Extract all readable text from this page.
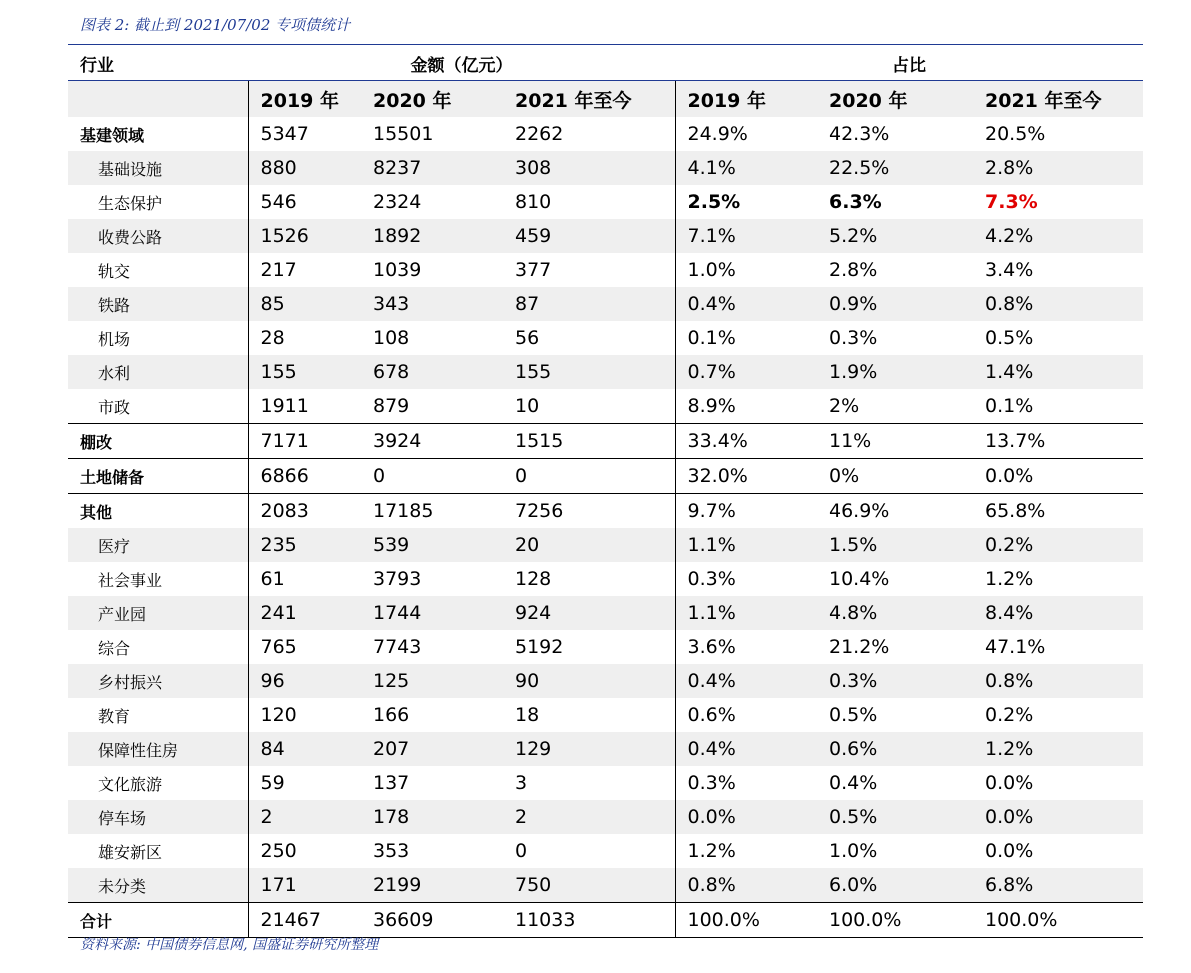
图表 2: 截止到 2021/07/02 专项债统计
行业	金额（亿元）			占比		
	2019 年	2020 年	2021 年至今	2019 年	2020 年	2021 年至今
基建领域	5347	15501	2262	24.9%	42.3%	20.5%
基础设施	880	8237	308	4.1%	22.5%	2.8%
生态保护	546	2324	810	2.5%	6.3%	7.3%
收费公路	1526	1892	459	7.1%	5.2%	4.2%
轨交	217	1039	377	1.0%	2.8%	3.4%
铁路	85	343	87	0.4%	0.9%	0.8%
机场	28	108	56	0.1%	0.3%	0.5%
水利	155	678	155	0.7%	1.9%	1.4%
市政	1911	879	10	8.9%	2%	0.1%
棚改	7171	3924	1515	33.4%	11%	13.7%
土地储备	6866	0	0	32.0%	0%	0.0%
其他	2083	17185	7256	9.7%	46.9%	65.8%
医疗	235	539	20	1.1%	1.5%	0.2%
社会事业	61	3793	128	0.3%	10.4%	1.2%
产业园	241	1744	924	1.1%	4.8%	8.4%
综合	765	7743	5192	3.6%	21.2%	47.1%
乡村振兴	96	125	90	0.4%	0.3%	0.8%
教育	120	166	18	0.6%	0.5%	0.2%
保障性住房	84	207	129	0.4%	0.6%	1.2%
文化旅游	59	137	3	0.3%	0.4%	0.0%
停车场	2	178	2	0.0%	0.5%	0.0%
雄安新区	250	353	0	1.2%	1.0%	0.0%
未分类	171	2199	750	0.8%	6.0%	6.8%
合计	21467	36609	11033	100.0%	100.0%	100.0%
资料来源: 中国债券信息网, 国盛证券研究所整理
